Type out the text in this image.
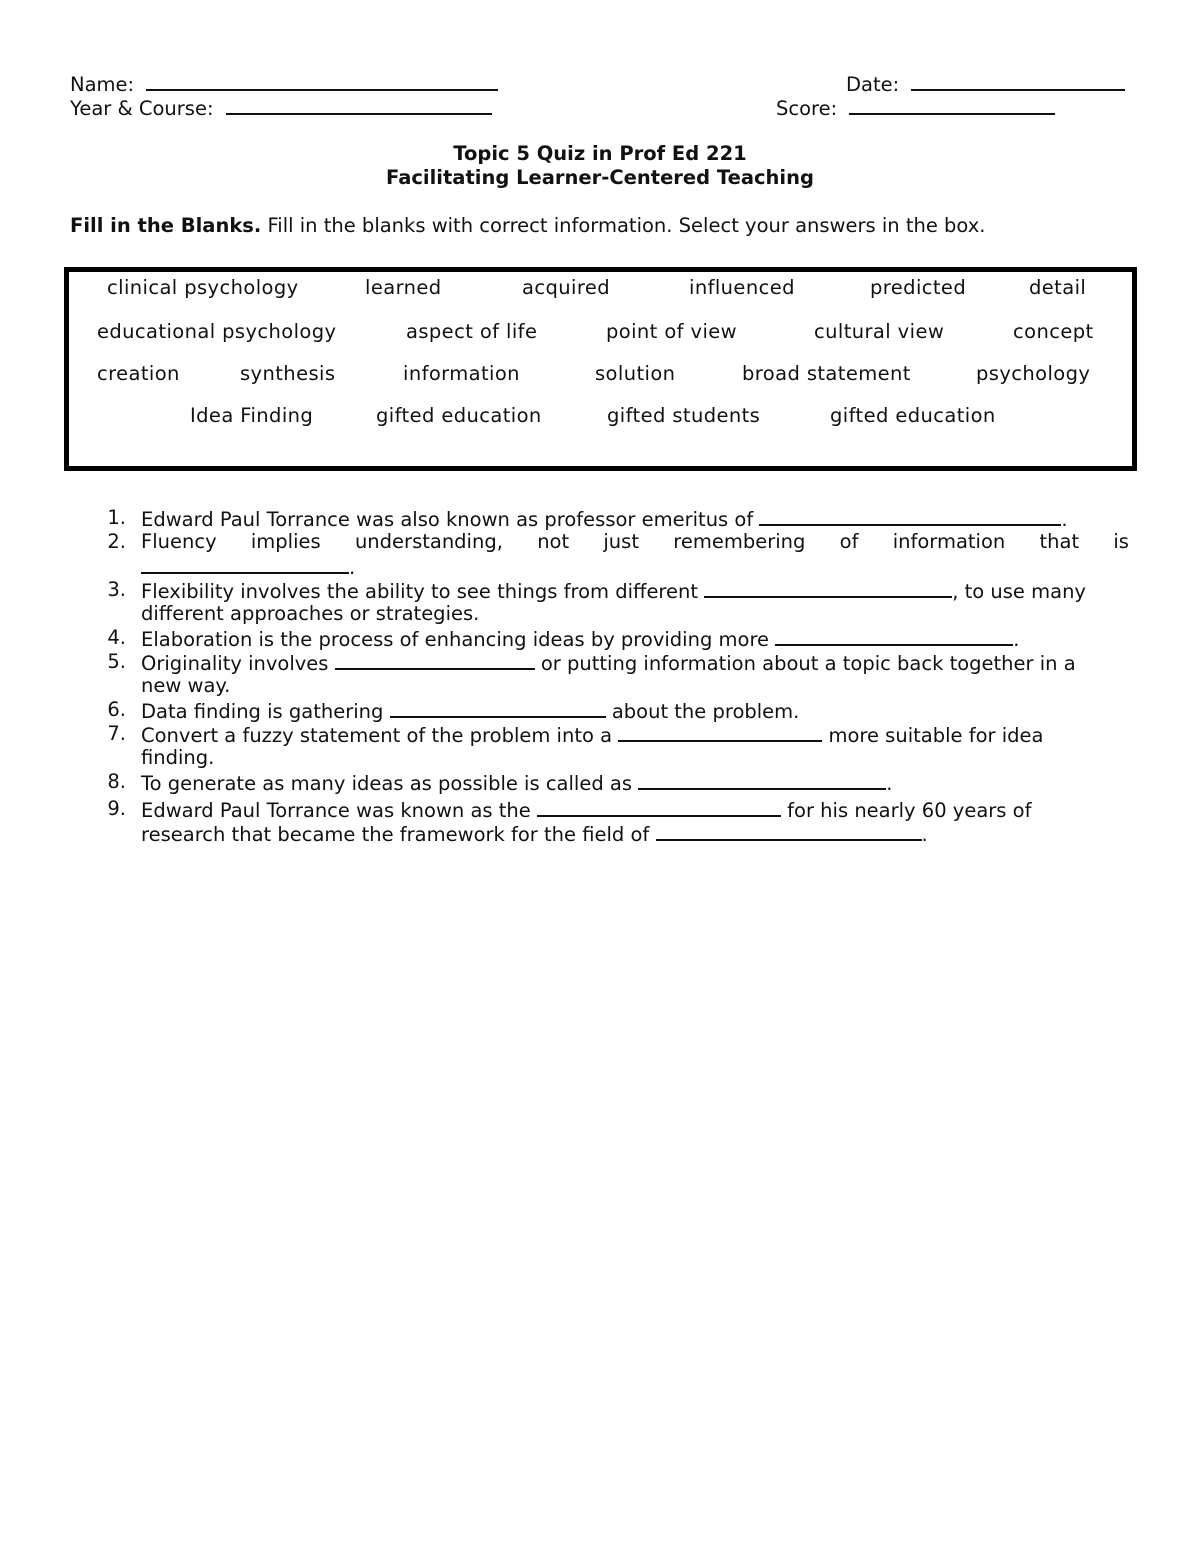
Name:	Date:
Year & Course:	Score:
Topic 5 Quiz in Prof Ed 221
Facilitating Learner-Centered Teaching
Fill in the Blanks. Fill in the blanks with correct information. Select your answers in the box.
clinical psychology	learned	acquired	influenced	predicted	detail
educational psychology	aspect of life	point of view	cultural view	concept
creation	synthesis	information	solution	broad statement	psychology
Idea Finding	gifted education	gifted students	gifted education
1. Edward Paul Torrance was also known as professor emeritus of	.
2. Fluency implies understanding, not just remembering of information that is
.
3. Flexibility involves the ability to see things from different	, to use many
different approaches or strategies.
4. Elaboration is the process of enhancing ideas by providing more	.
5. Originality involves	or putting information about a topic back together in a
new way.
6. Data finding is gathering	about the problem.
7. Convert a fuzzy statement of the problem into a	more suitable for idea
finding.
8. To generate as many ideas as possible is called as	.
9. Edward Paul Torrance was known as the	for his nearly 60 years of
research that became the framework for the field of	.
